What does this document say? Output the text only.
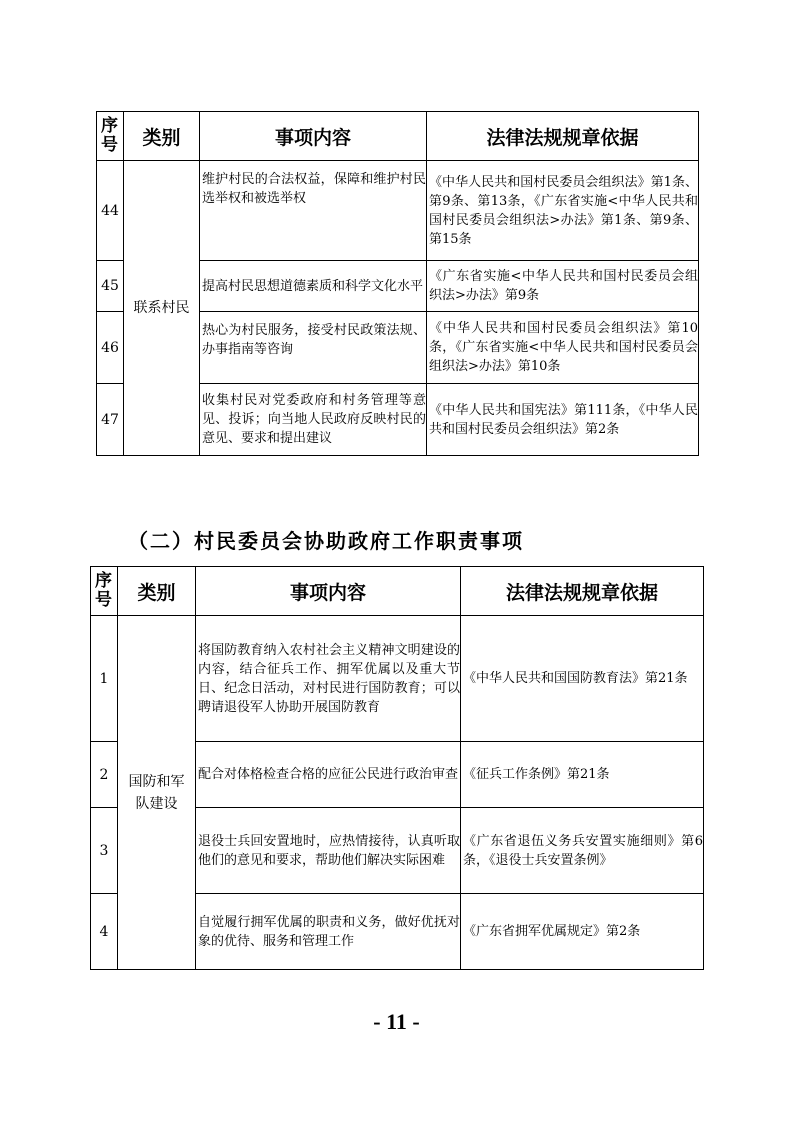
序号	类别	事项内容	法律法规规章依据
44	联系村民	维护村民的合法权益，保障和维护村民选举权和被选举权	《中华人民共和国村民委员会组织法》第1条、第9条、第13条，《广东省实施<中华人民共和国村民委员会组织法>办法》第1条、第9条、第15条
45		提高村民思想道德素质和科学文化水平	《广东省实施<中华人民共和国村民委员会组织法>办法》第9条
46		热心为村民服务，接受村民政策法规、办事指南等咨询	《中华人民共和国村民委员会组织法》第10条，《广东省实施<中华人民共和国村民委员会组织法>办法》第10条
47		收集村民对党委政府和村务管理等意见、投诉；向当地人民政府反映村民的意见、要求和提出建议	《中华人民共和国宪法》第111条，《中华人民共和国村民委员会组织法》第2条
（二）村民委员会协助政府工作职责事项
序号	类别	事项内容	法律法规规章依据
1	国防和军队建设	将国防教育纳入农村社会主义精神文明建设的内容，结合征兵工作、拥军优属以及重大节日、纪念日活动，对村民进行国防教育；可以聘请退役军人协助开展国防教育	《中华人民共和国国防教育法》第21条
2		配合对体格检查合格的应征公民进行政治审查	《征兵工作条例》第21条
3		退役士兵回安置地时，应热情接待，认真听取他们的意见和要求，帮助他们解决实际困难	《广东省退伍义务兵安置实施细则》第6条，《退役士兵安置条例》
4		自觉履行拥军优属的职责和义务，做好优抚对象的优待、服务和管理工作	《广东省拥军优属规定》第2条
- 11 -
